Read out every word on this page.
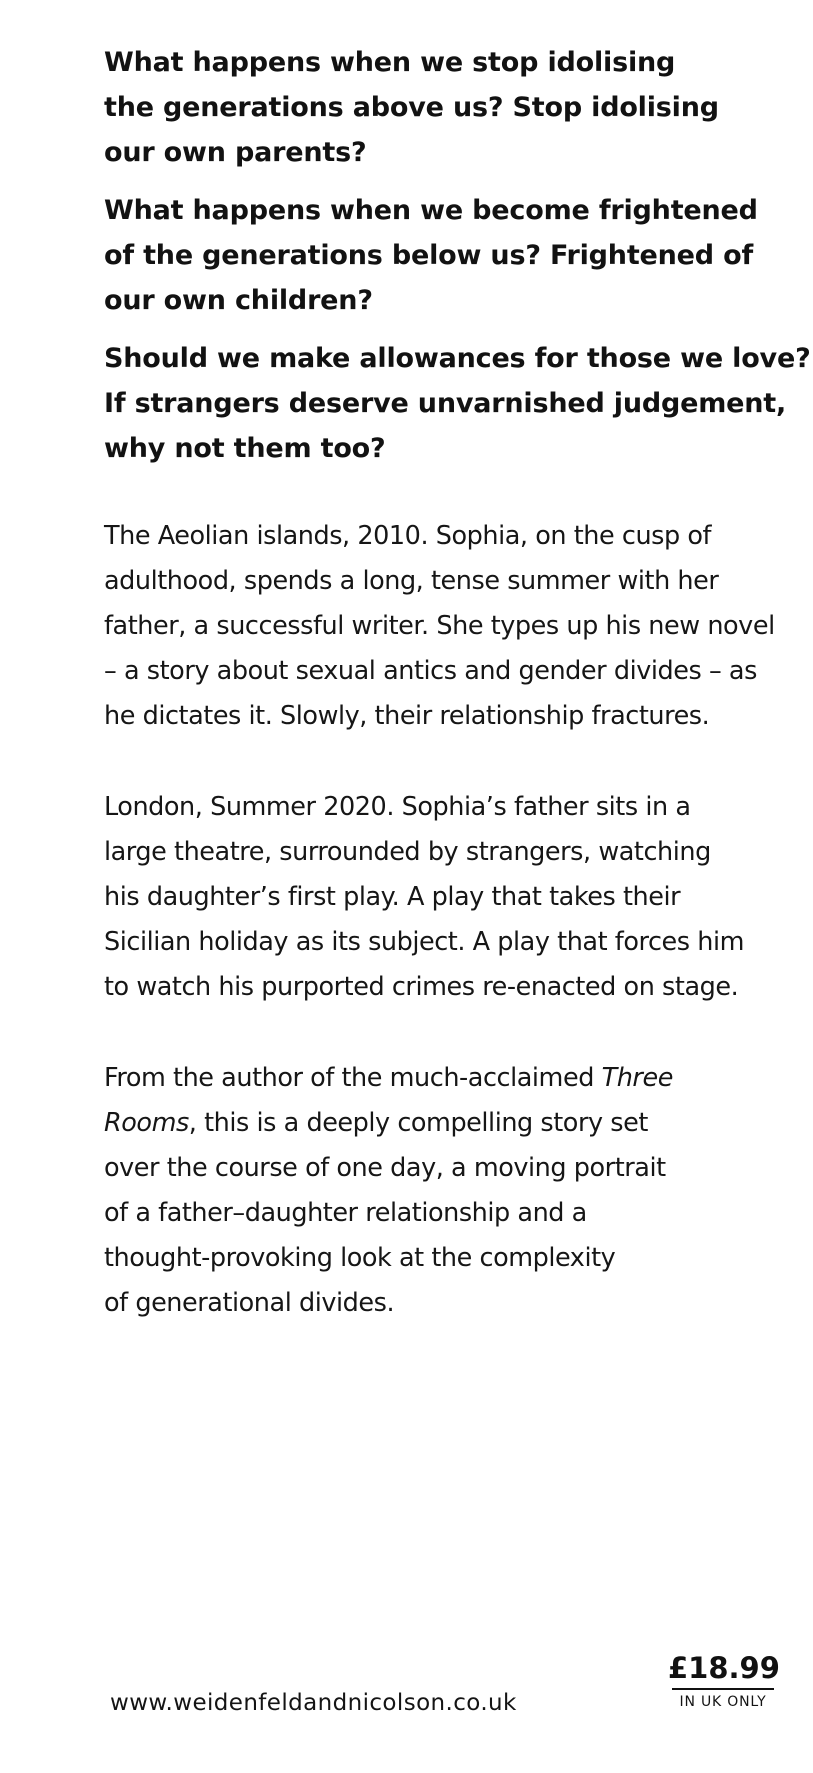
What happens when we stop idolising
the generations above us? Stop idolising
our own parents?

What happens when we become frightened
of the generations below us? Frightened of
our own children?

Should we make allowances for those we love?
If strangers deserve unvarnished judgement,
why not them too?

The Aeolian islands, 2010. Sophia, on the cusp of
adulthood, spends a long, tense summer with her
father, a successful writer. She types up his new novel
– a story about sexual antics and gender divides – as
he dictates it. Slowly, their relationship fractures.

London, Summer 2020. Sophia’s father sits in a
large theatre, surrounded by strangers, watching
his daughter’s first play. A play that takes their
Sicilian holiday as its subject. A play that forces him
to watch his purported crimes re-enacted on stage.

From the author of the much-acclaimed Three
Rooms, this is a deeply compelling story set
over the course of one day, a moving portrait
of a father–daughter relationship and a
thought-provoking look at the complexity
of generational divides.

www.weidenfeldandnicolson.co.uk
£18.99
IN UK ONLY
